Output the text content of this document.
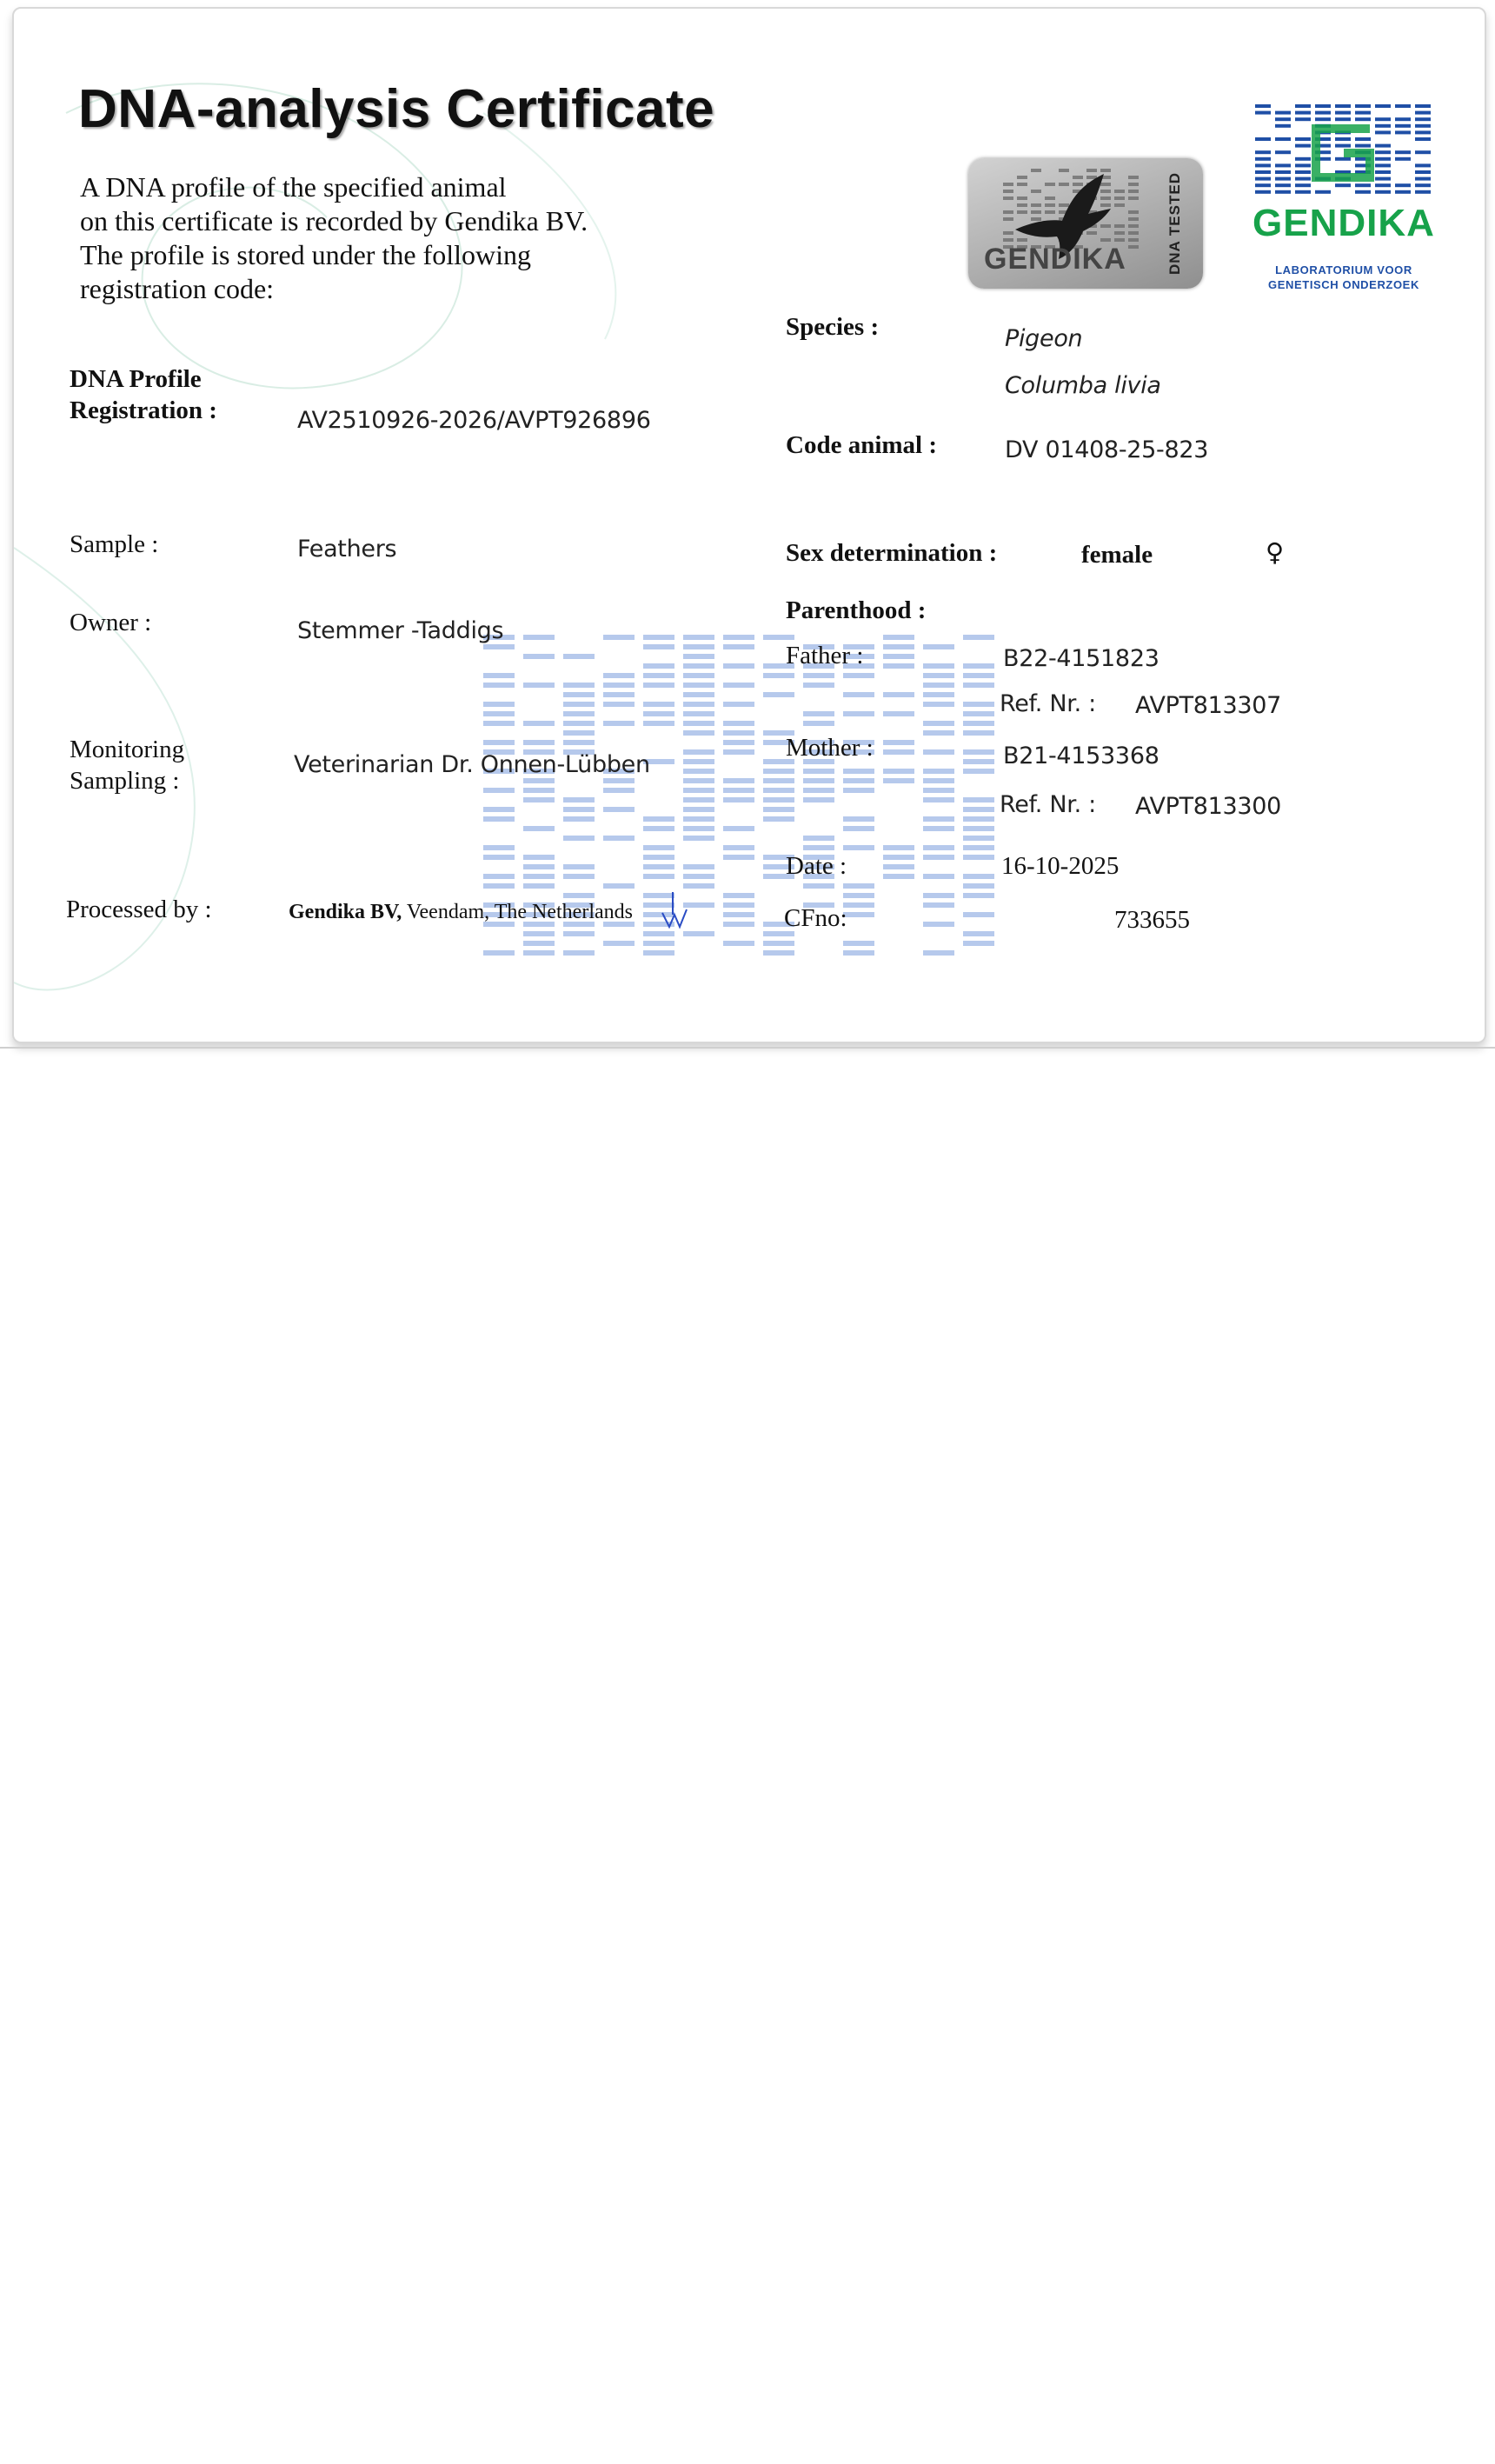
DNA-analysis Certificate
A DNA profile of the specified animal
on this certificate is recorded by Gendika BV.
The profile is stored under the following
registration code:
GENDIKA	DNA TESTED GENDIKA
LABORATORIUM VOOR
GENETISCH ONDERZOEK
DNA Profile
Registration :	AV2510926-2026/AVPT926896
Sample :	Feathers
Owner :	Stemmer -Taddigs
Monitoring
Sampling :
Veterinarian Dr. Onnen-Lübben
Processed by :	Gendika BV, Veendam, The Netherlands
Species :	Pigeon
Columba livia
Code animal :	DV 01408-25-823
Sex determination :	female	♀
Parenthood :
Father :	B22-4151823
Ref. Nr. : AVPT813307
Mother :	B21-4153368
Ref. Nr. : AVPT813300
Date :	16-10-2025
CFno:	733655
